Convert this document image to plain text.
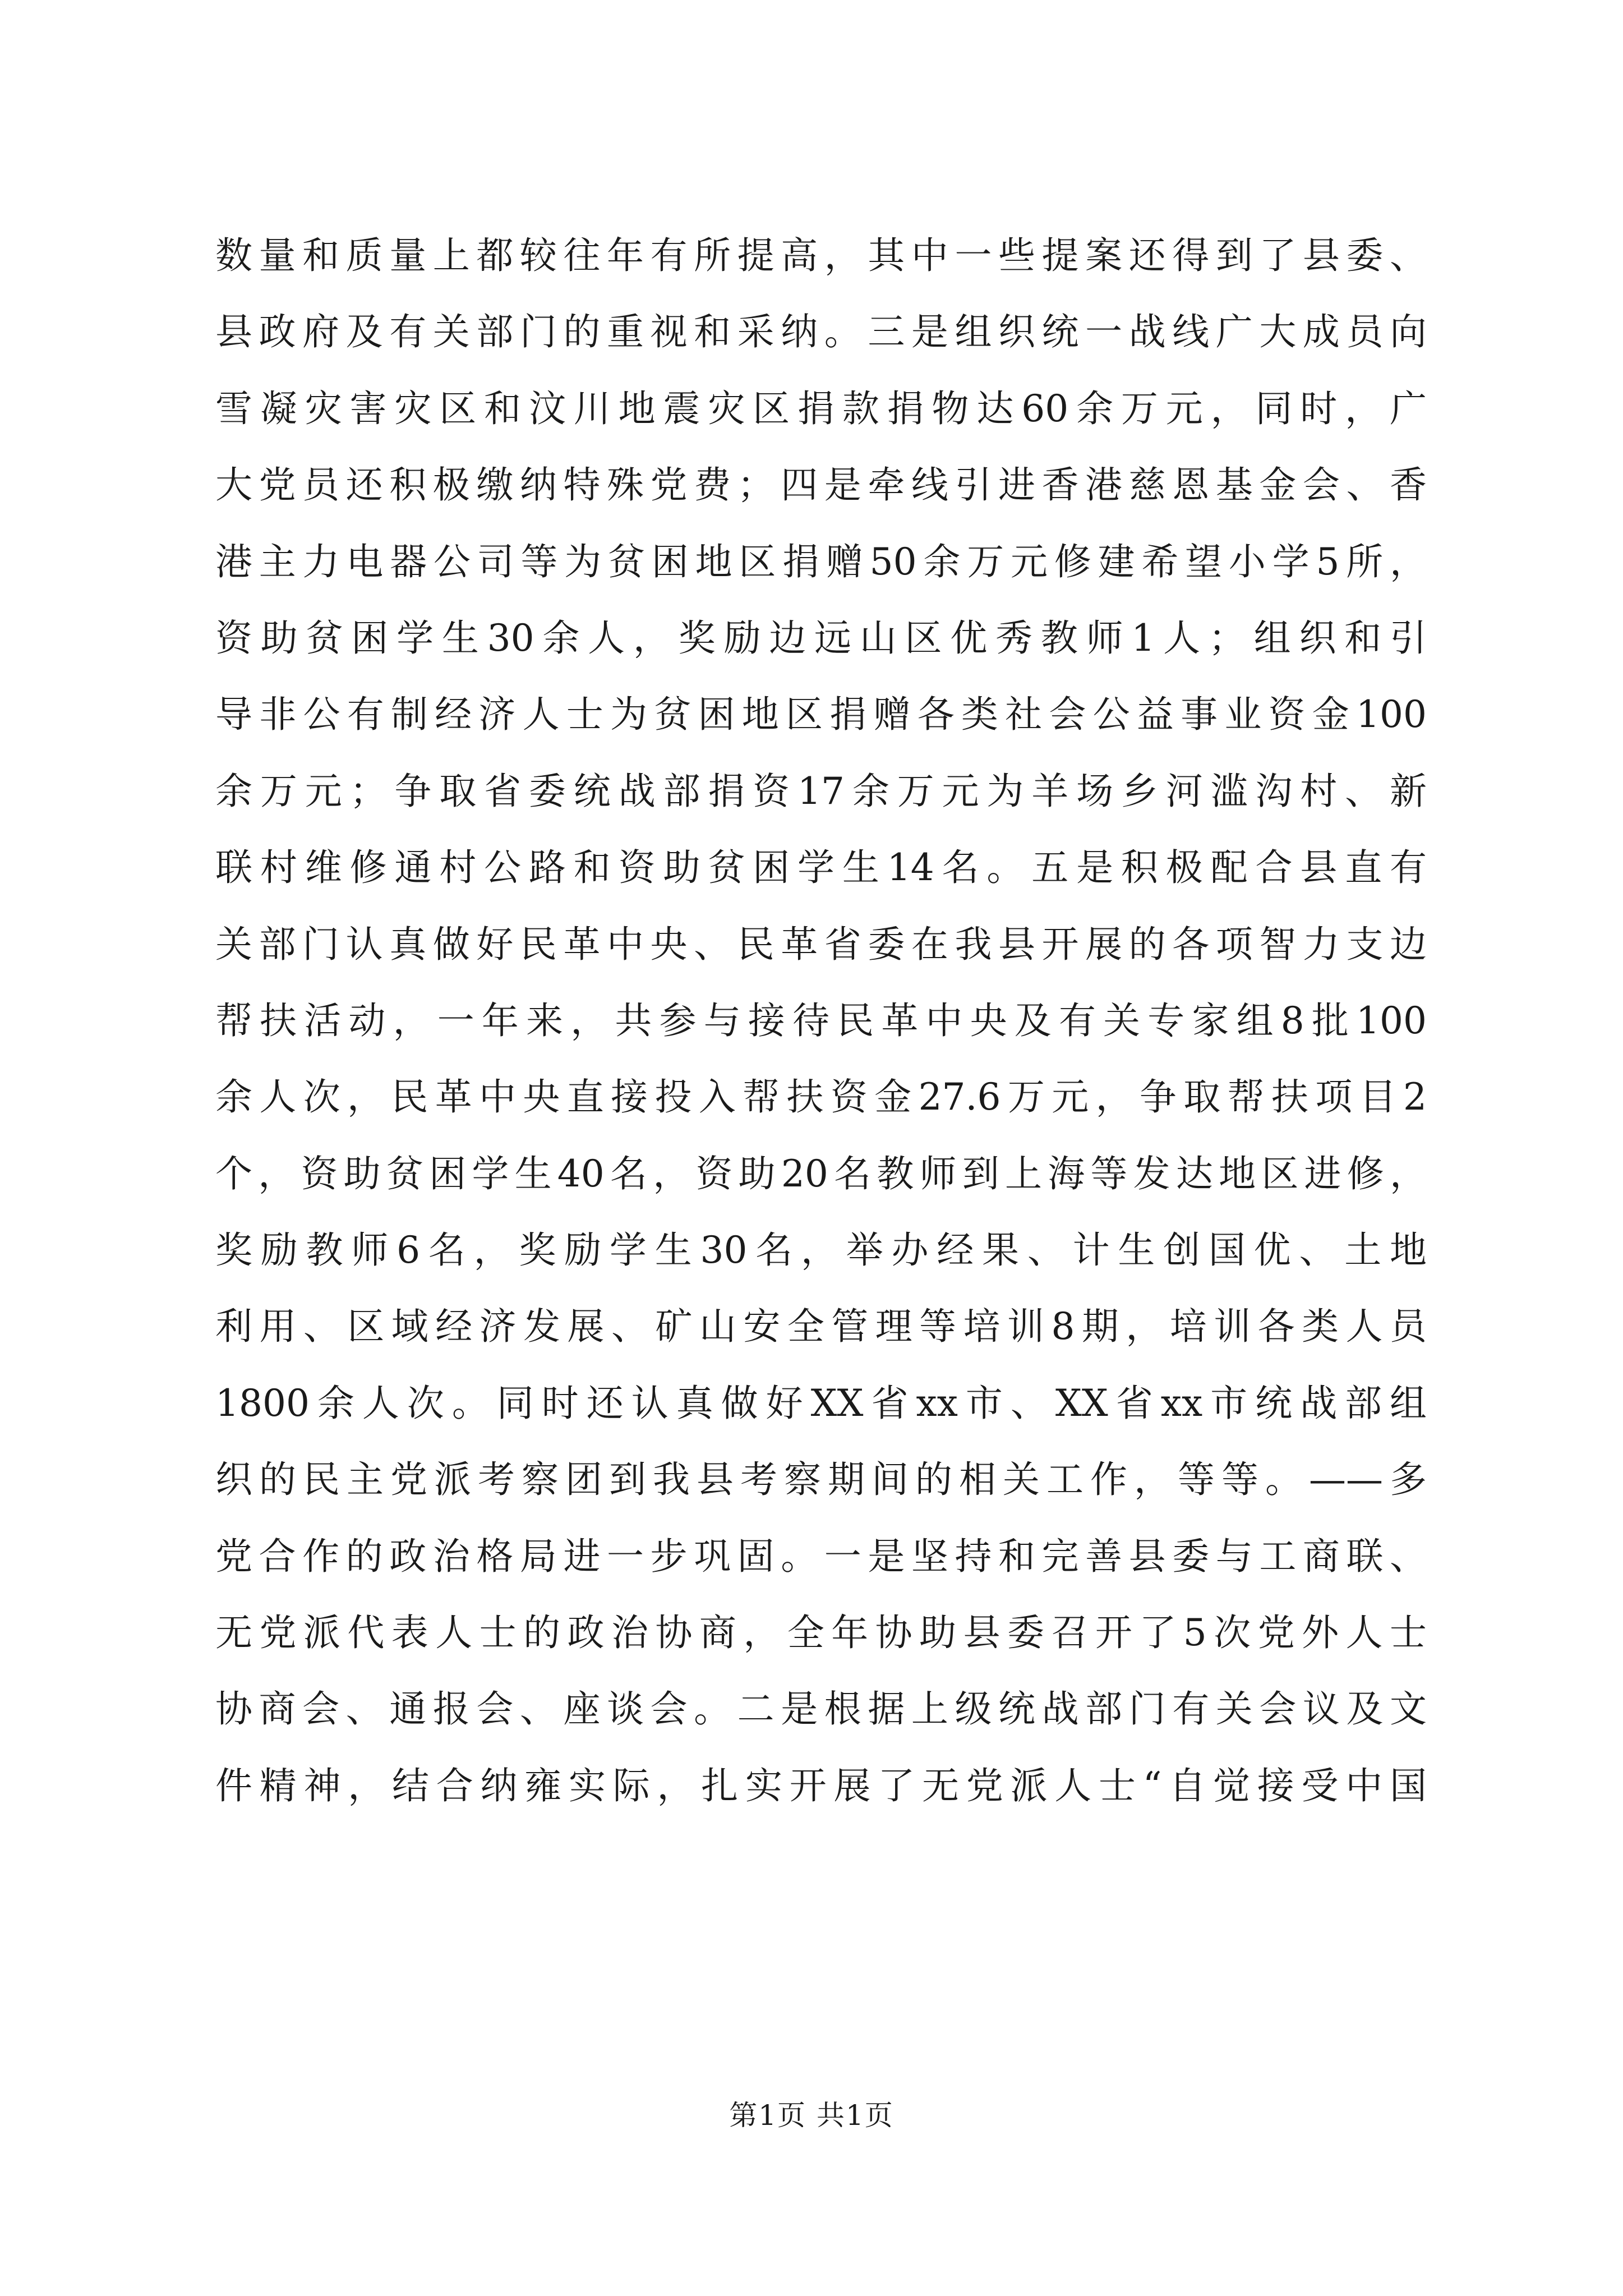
数量和质量上都较往年有所提高，其中一些提案还得到了县委、
县政府及有关部门的重视和采纳。三是组织统一战线广大成员向
雪凝灾害灾区和汶川地震灾区捐款捐物达60余万元，同时，广
大党员还积极缴纳特殊党费；四是牵线引进香港慈恩基金会、香
港主力电器公司等为贫困地区捐赠50余万元修建希望小学5所，
资助贫困学生30余人，奖励边远山区优秀教师1人；组织和引
导非公有制经济人士为贫困地区捐赠各类社会公益事业资金100
余万元；争取省委统战部捐资17余万元为羊场乡河滥沟村、新
联村维修通村公路和资助贫困学生14名。五是积极配合县直有
关部门认真做好民革中央、民革省委在我县开展的各项智力支边
帮扶活动，一年来，共参与接待民革中央及有关专家组8批100
余人次，民革中央直接投入帮扶资金27.6万元，争取帮扶项目2
个，资助贫困学生40名，资助20名教师到上海等发达地区进修，
奖励教师6名，奖励学生30名，举办经果、计生创国优、土地
利用、区域经济发展、矿山安全管理等培训8期，培训各类人员
1800余人次。同时还认真做好XX省xx市、XX省xx市统战部组
织的民主党派考察团到我县考察期间的相关工作，等等。——多
党合作的政治格局进一步巩固。一是坚持和完善县委与工商联、
无党派代表人士的政治协商，全年协助县委召开了5次党外人士
协商会、通报会、座谈会。二是根据上级统战部门有关会议及文
件精神，结合纳雍实际，扎实开展了无党派人士“自觉接受中国
第1页 共1页
